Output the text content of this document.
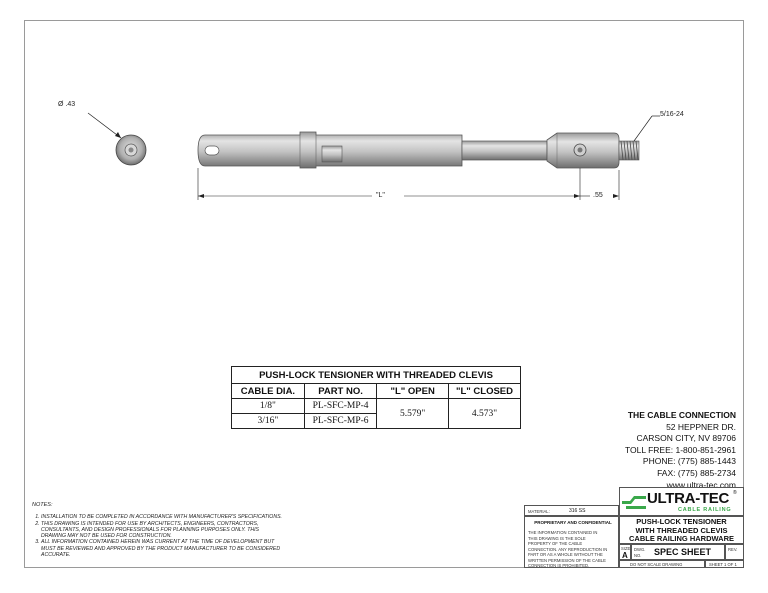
Ø .43
5/16-24
"L"	.55
PUSH-LOCK TENSIONER WITH THREADED CLEVIS			
CABLE DIA.	PART NO.	"L" OPEN	"L" CLOSED
1/8"	PL-SFC-MP-4	5.579"	4.573"
3/16"	PL-SFC-MP-6		
THE CABLE CONNECTION
52 HEPPNER DR.
CARSON CITY, NV 89706
TOLL FREE: 1-800-851-2961
PHONE: (775) 885-1443
FAX: (775) 885-2734
www.ultra-tec.com
NOTES:
1. INSTALLATION TO BE COMPLETED IN ACCORDANCE WITH MANUFACTURER'S SPECIFICATIONS.
2. THIS DRAWING IS INTENDED FOR USE BY ARCHITECTS, ENGINEERS, CONTRACTORS, CONSULTANTS, AND DESIGN PROFESSIONALS FOR PLANNING PURPOSES ONLY. THIS DRAWING MAY NOT BE USED FOR CONSTRUCTION.
3. ALL INFORMATION CONTAINED HEREIN WAS CURRENT AT THE TIME OF DEVELOPMENT BUT MUST BE REVIEWED AND APPROVED BY THE PRODUCT MANUFACTURER TO BE CONSIDERED ACCURATE.
MATERIAL:	316 SS
PROPRIETARY AND CONFIDENTIAL
THE INFORMATION CONTAINED IN THIS DRAWING IS THE SOLE PROPERTY OF THE CABLE CONNECTION. ANY REPRODUCTION IN PART OR AS A WHOLE WITHOUT THE WRITTEN PERMISSION OF THE CABLE CONNECTION IS PROHIBITED.
ULTRA-TEC ®
CABLE RAILING
PUSH-LOCK TENSIONER
WITH THREADED CLEVIS
CABLE RAILING HARDWARE
SIZE
A
DWG.
NO. SPEC SHEET	REV.
DO NOT SCALE DRAWING	SHEET 1 OF 1
